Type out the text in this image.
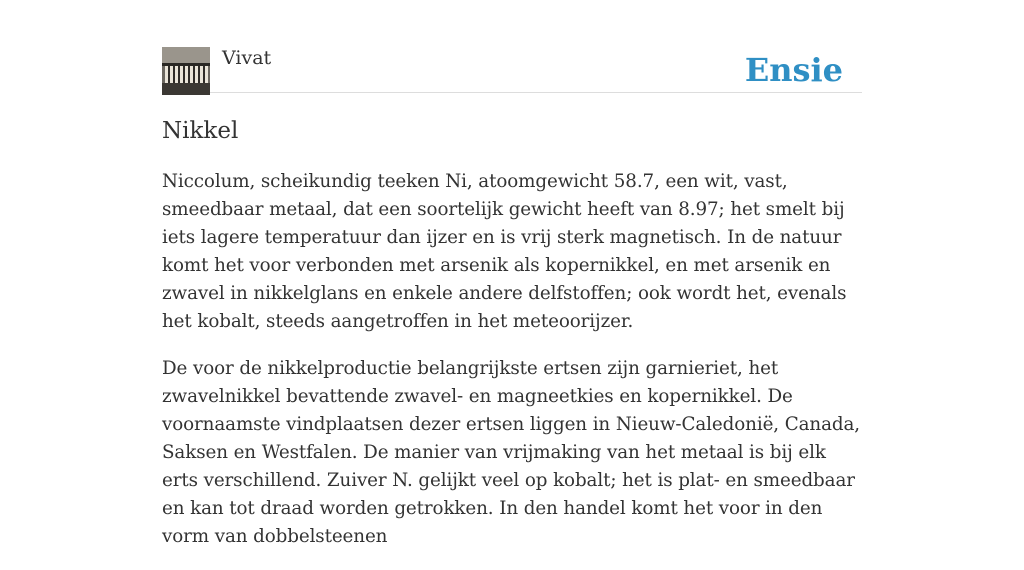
Vivat	Ensie
Nikkel

Niccolum, scheikundig teeken Ni, atoomgewicht 58.7, een wit, vast, smeedbaar metaal, dat een soortelijk gewicht heeft van 8.97; het smelt bij iets lagere temperatuur dan ijzer en is vrij sterk magnetisch. In de natuur komt het voor verbonden met arsenik als kopernikkel, en met arsenik en zwavel in nikkelglans en enkele andere delfstoffen; ook wordt het, evenals het kobalt, steeds aangetroffen in het meteoorijzer.

De voor de nikkelproductie belangrijkste ertsen zijn garnieriet, het zwavelnikkel bevattende zwavel- en magneetkies en kopernikkel. De voornaamste vindplaatsen dezer ertsen liggen in Nieuw-Caledonië, Canada, Saksen en Westfalen. De manier van vrijmaking van het metaal is bij elk erts verschillend. Zuiver N. gelijkt veel op kobalt; het is plat- en smeedbaar en kan tot draad worden getrokken. In den handel komt het voor in den vorm van dobbelsteenen
